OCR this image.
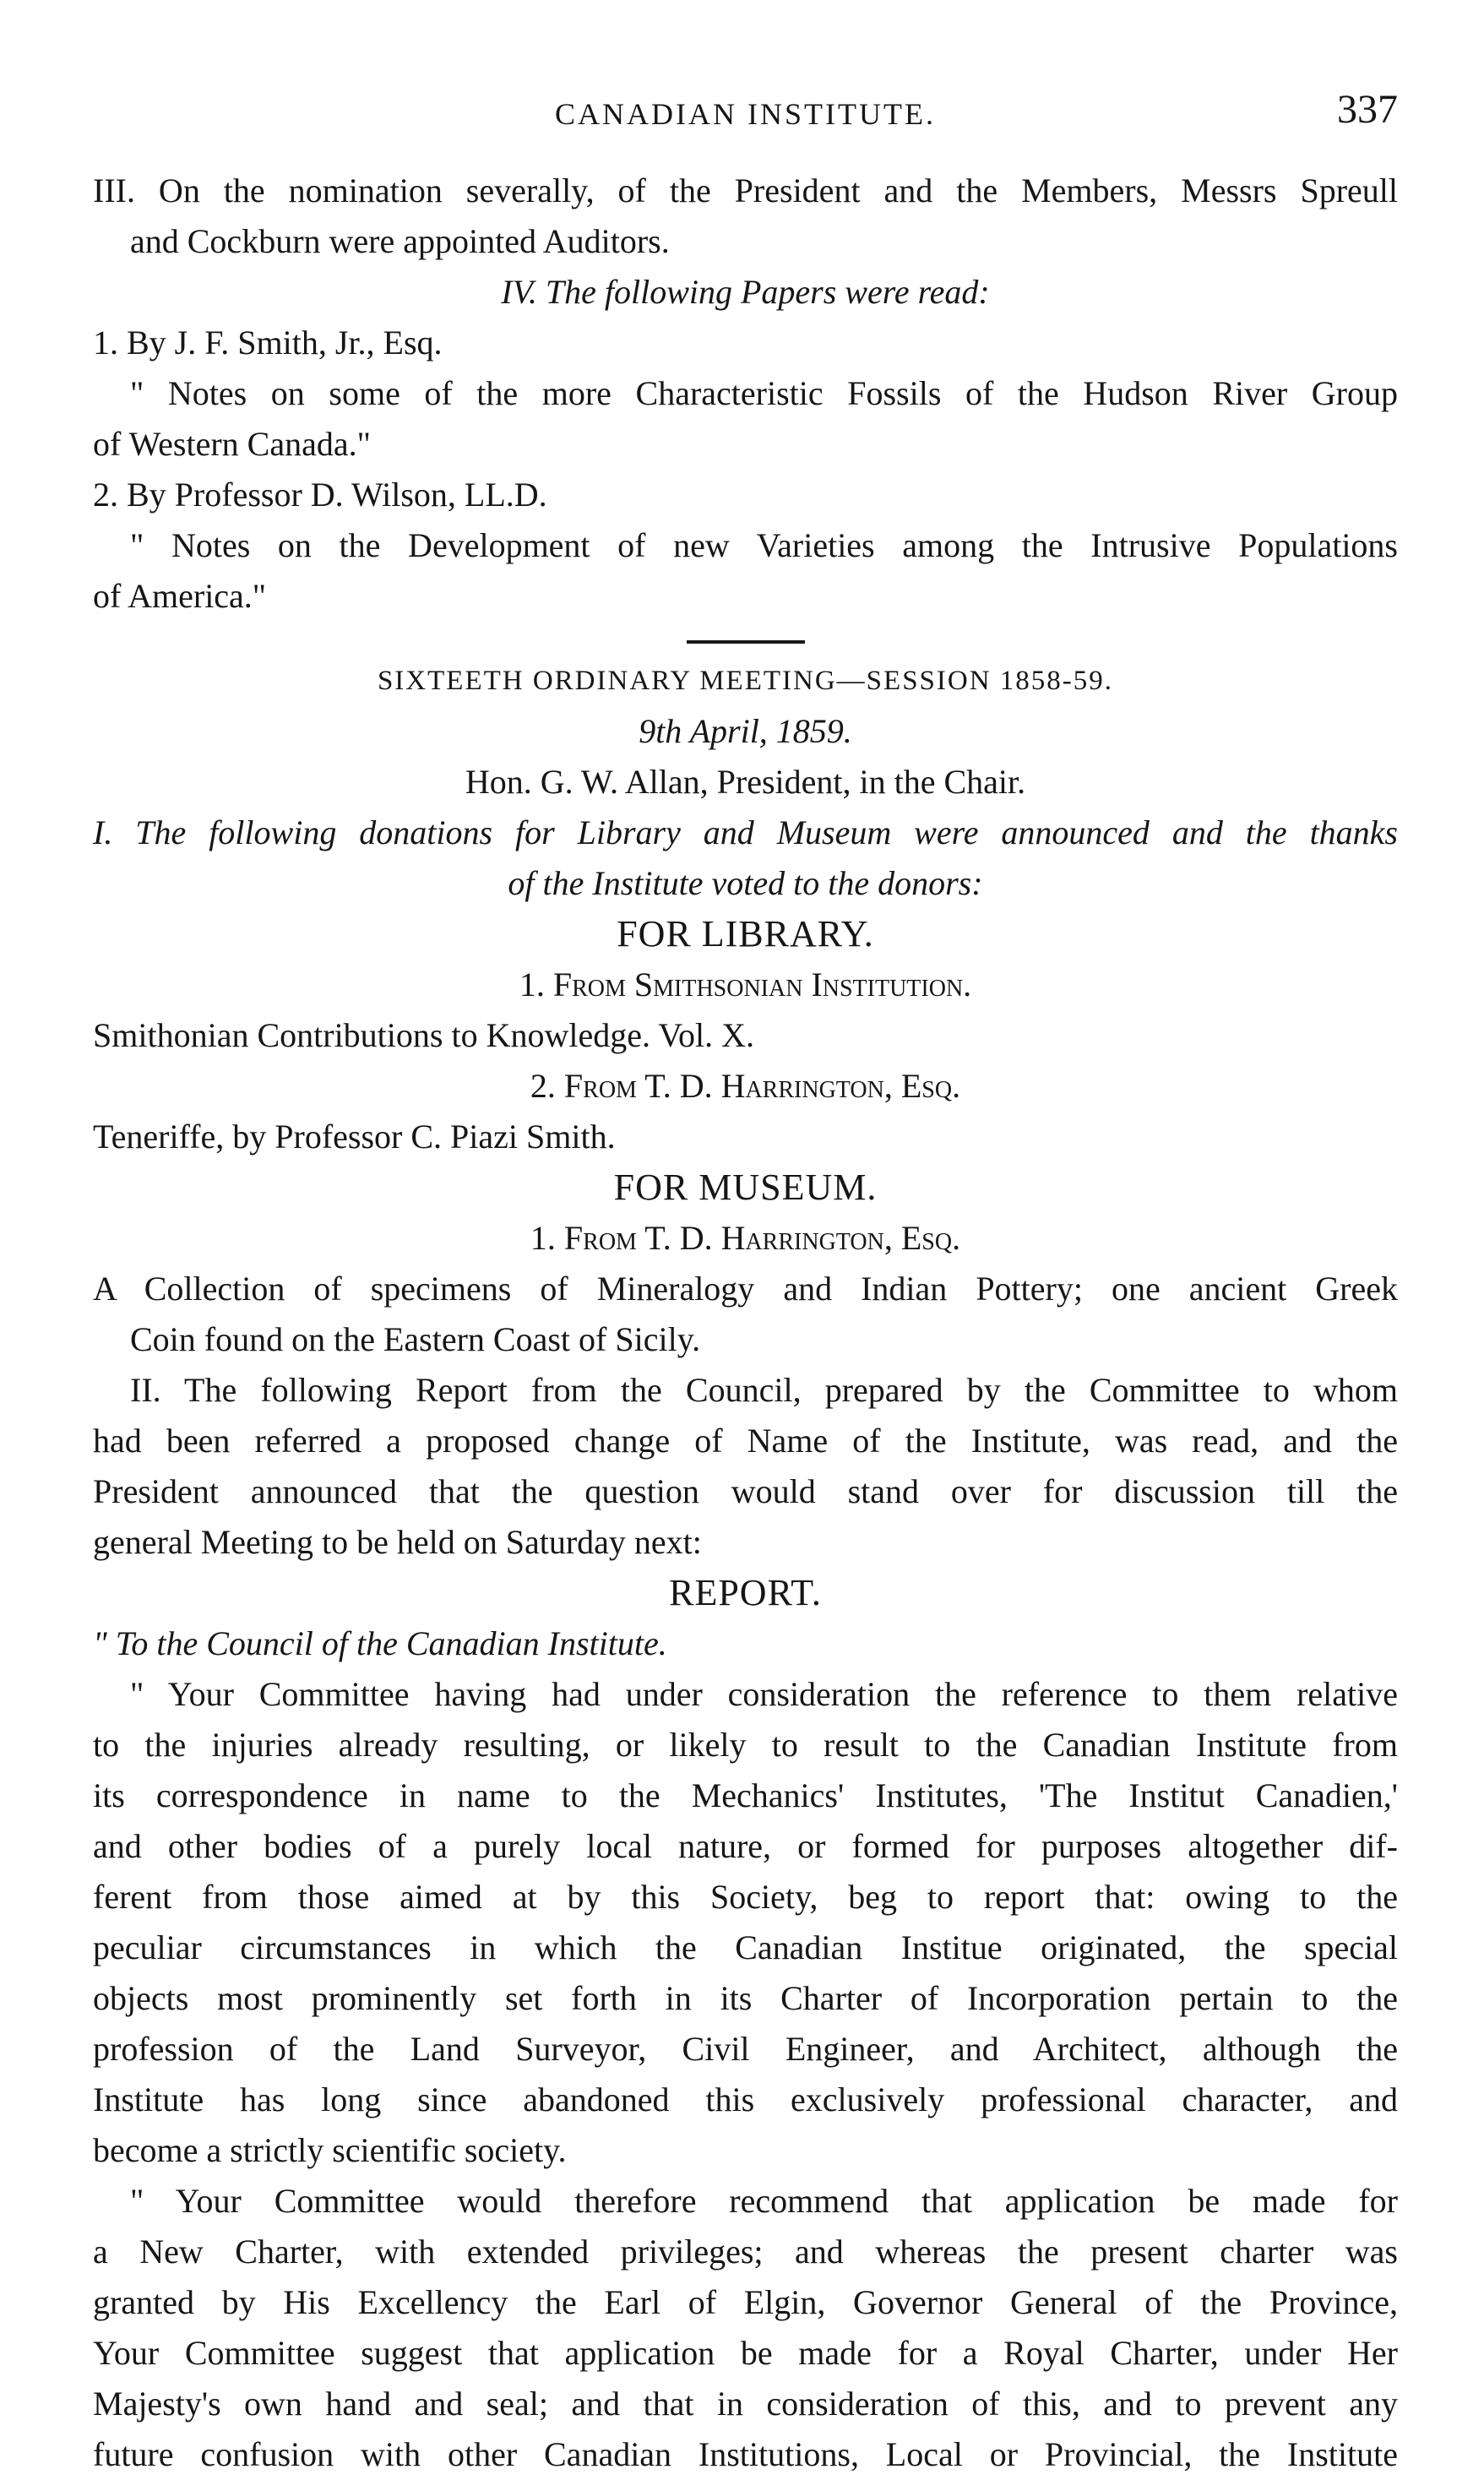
CANADIAN INSTITUTE.	337
III. On the nomination severally, of the President and the Members, Messrs Spreull
and Cockburn were appointed Auditors.
IV. The following Papers were read:
1. By J. F. Smith, Jr., Esq.
" Notes on some of the more Characteristic Fossils of the Hudson River Group
of Western Canada."
2. By Professor D. Wilson, LL.D.
" Notes on the Development of new Varieties among the Intrusive Populations
of America."
SIXTEETH ORDINARY MEETING—SESSION 1858-59.
9th April, 1859.
Hon. G. W. Allan, President, in the Chair.
I. The following donations for Library and Museum were announced and the thanks
of the Institute voted to the donors:
FOR LIBRARY.
1. From Smithsonian Institution.
Smithonian Contributions to Knowledge. Vol. X.
2. From T. D. Harrington, Esq.
Teneriffe, by Professor C. Piazi Smith.
FOR MUSEUM.
1. From T. D. Harrington, Esq.
A Collection of specimens of Mineralogy and Indian Pottery; one ancient Greek
Coin found on the Eastern Coast of Sicily.
II. The following Report from the Council, prepared by the Committee to whom
had been referred a proposed change of Name of the Institute, was read, and the
President announced that the question would stand over for discussion till the
general Meeting to be held on Saturday next:
REPORT.
" To the Council of the Canadian Institute.
" Your Committee having had under consideration the reference to them relative
to the injuries already resulting, or likely to result to the Canadian Institute from
its correspondence in name to the Mechanics' Institutes, 'The Institut Canadien,'
and other bodies of a purely local nature, or formed for purposes altogether dif-
ferent from those aimed at by this Society, beg to report that: owing to the
peculiar circumstances in which the Canadian Institue originated, the special
objects most prominently set forth in its Charter of Incorporation pertain to the
profession of the Land Surveyor, Civil Engineer, and Architect, although the
Institute has long since abandoned this exclusively professional character, and
become a strictly scientific society.
" Your Committee would therefore recommend that application be made for
a New Charter, with extended privileges; and whereas the present charter was
granted by His Excellency the Earl of Elgin, Governor General of the Province,
Your Committee suggest that application be made for a Royal Charter, under Her
Majesty's own hand and seal; and that in consideration of this, and to prevent any
future confusion with other Canadian Institutions, Local or Provincial, the Institute
